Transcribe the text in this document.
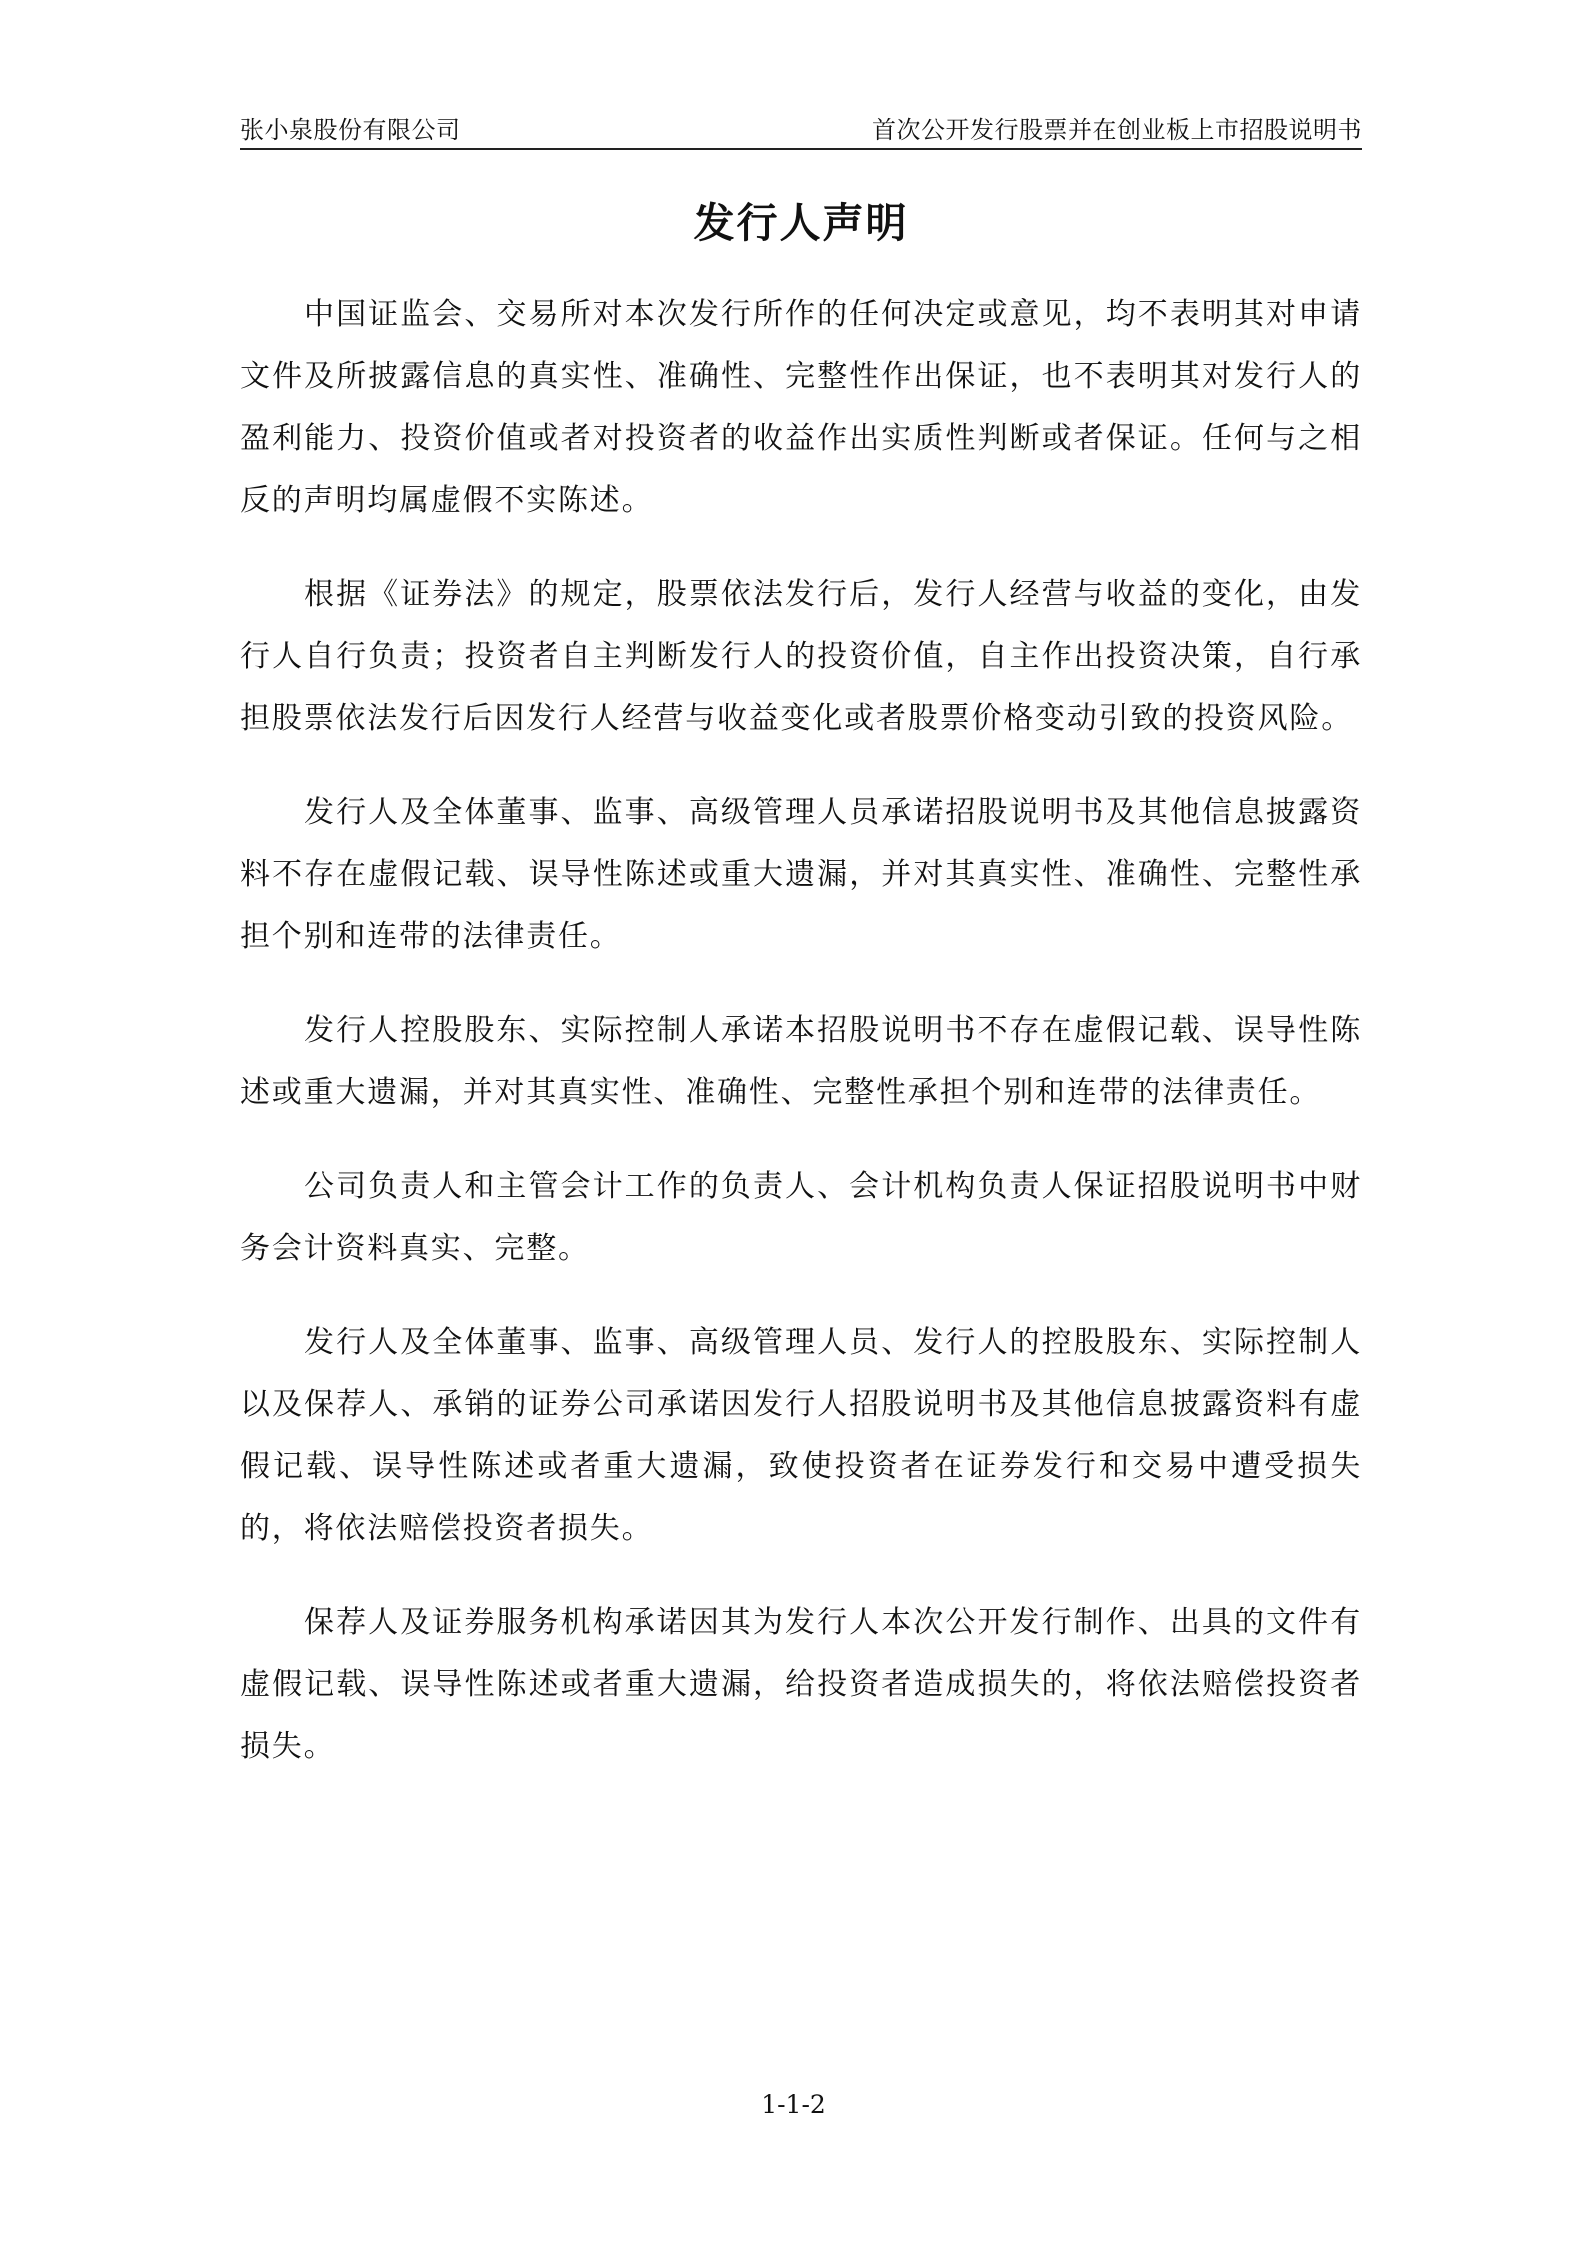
张小泉股份有限公司	首次公开发行股票并在创业板上市招股说明书
发行人声明

中国证监会、交易所对本次发行所作的任何决定或意见，均不表明其对申请文件及所披露信息的真实性、准确性、完整性作出保证，也不表明其对发行人的盈利能力、投资价值或者对投资者的收益作出实质性判断或者保证。任何与之相反的声明均属虚假不实陈述。

根据《证券法》的规定，股票依法发行后，发行人经营与收益的变化，由发行人自行负责；投资者自主判断发行人的投资价值，自主作出投资决策，自行承担股票依法发行后因发行人经营与收益变化或者股票价格变动引致的投资风险。

发行人及全体董事、监事、高级管理人员承诺招股说明书及其他信息披露资料不存在虚假记载、误导性陈述或重大遗漏，并对其真实性、准确性、完整性承担个别和连带的法律责任。

发行人控股股东、实际控制人承诺本招股说明书不存在虚假记载、误导性陈述或重大遗漏，并对其真实性、准确性、完整性承担个别和连带的法律责任。

公司负责人和主管会计工作的负责人、会计机构负责人保证招股说明书中财务会计资料真实、完整。

发行人及全体董事、监事、高级管理人员、发行人的控股股东、实际控制人以及保荐人、承销的证券公司承诺因发行人招股说明书及其他信息披露资料有虚假记载、误导性陈述或者重大遗漏，致使投资者在证券发行和交易中遭受损失的，将依法赔偿投资者损失。

保荐人及证券服务机构承诺因其为发行人本次公开发行制作、出具的文件有虚假记载、误导性陈述或者重大遗漏，给投资者造成损失的，将依法赔偿投资者损失。

1-1-2
